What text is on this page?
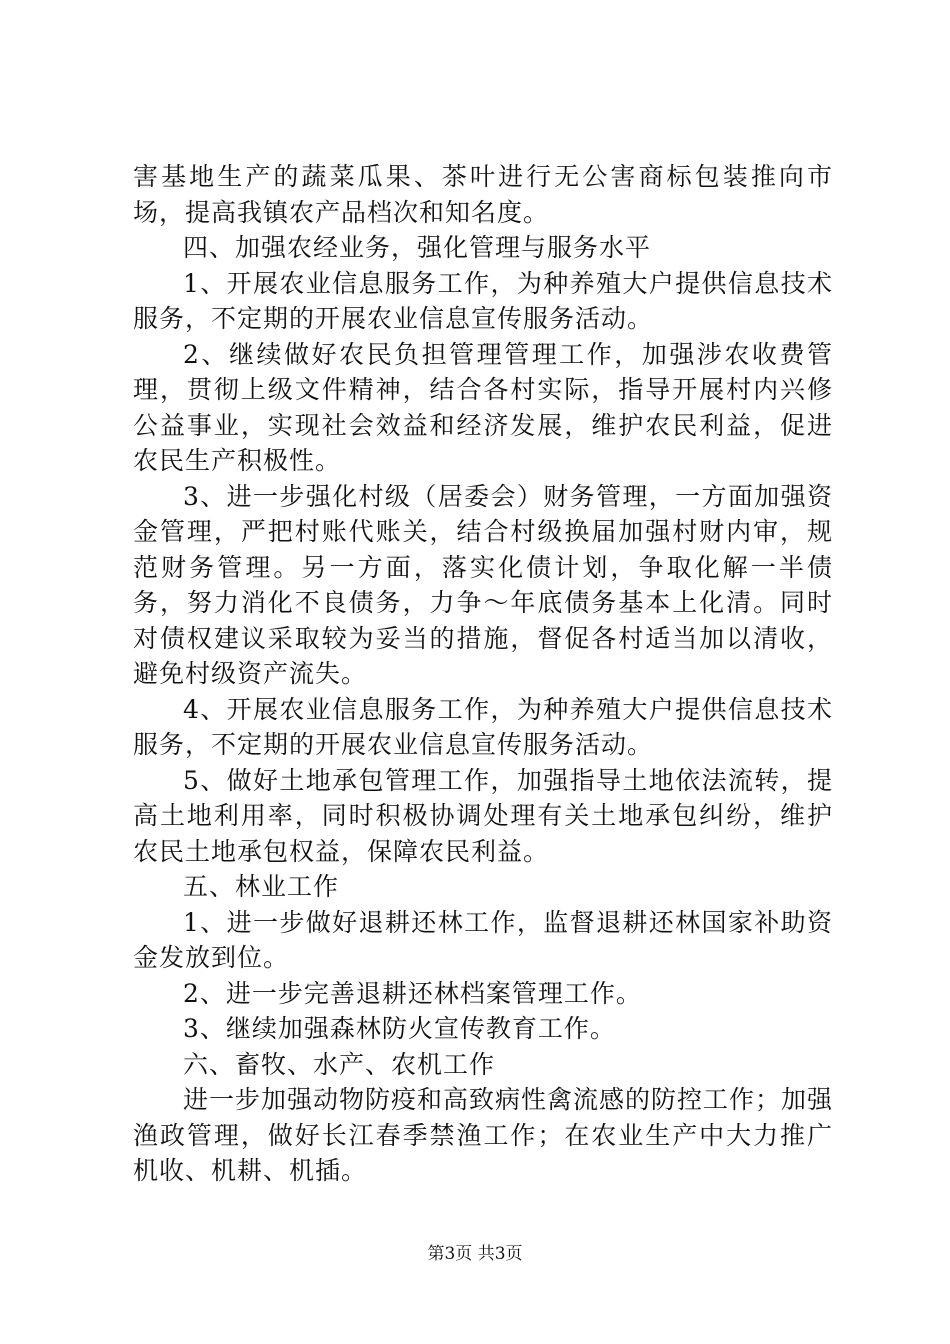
害基地生产的蔬菜瓜果、茶叶进行无公害商标包装推向市场，提高我镇农产品档次和知名度。

四、加强农经业务，强化管理与服务水平

1、开展农业信息服务工作，为种养殖大户提供信息技术服务，不定期的开展农业信息宣传服务活动。

2、继续做好农民负担管理管理工作，加强涉农收费管理，贯彻上级文件精神，结合各村实际，指导开展村内兴修公益事业，实现社会效益和经济发展，维护农民利益，促进农民生产积极性。

3、进一步强化村级（居委会）财务管理，一方面加强资金管理，严把村账代账关，结合村级换届加强村财内审，规范财务管理。另一方面，落实化债计划，争取化解一半债务，努力消化不良债务，力争～年底债务基本上化清。同时对债权建议采取较为妥当的措施，督促各村适当加以清收，避免村级资产流失。

4、开展农业信息服务工作，为种养殖大户提供信息技术服务，不定期的开展农业信息宣传服务活动。

5、做好土地承包管理工作，加强指导土地依法流转，提高土地利用率，同时积极协调处理有关土地承包纠纷，维护农民土地承包权益，保障农民利益。

五、林业工作

1、进一步做好退耕还林工作，监督退耕还林国家补助资金发放到位。

2、进一步完善退耕还林档案管理工作。

3、继续加强森林防火宣传教育工作。

六、畜牧、水产、农机工作

进一步加强动物防疫和高致病性禽流感的防控工作；加强渔政管理，做好长江春季禁渔工作；在农业生产中大力推广机收、机耕、机插。

第3页 共3页
